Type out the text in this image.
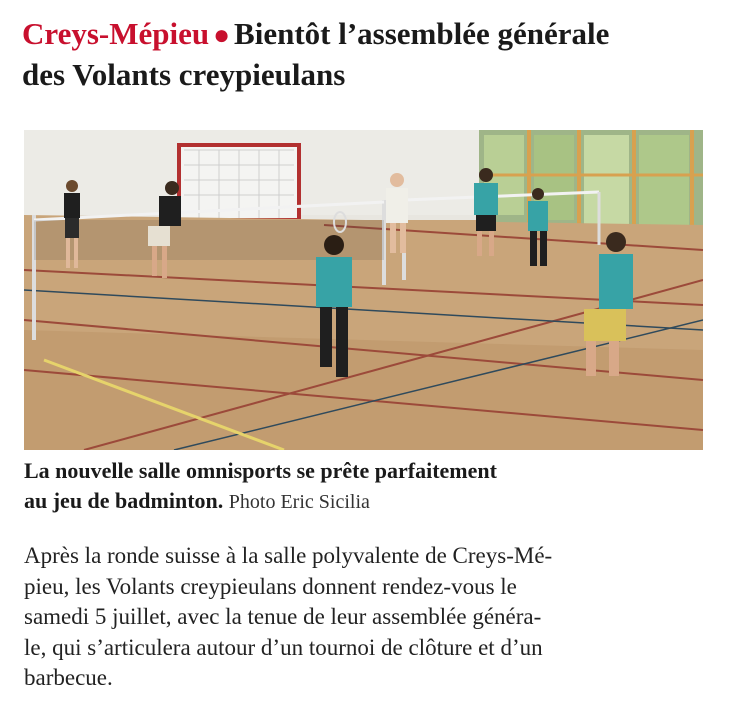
Creys-Mépieu ● Bientôt l’assemblée générale
des Volants creypieulans

La nouvelle salle omnisports se prête parfaitement
au jeu de badminton. Photo Eric Sicilia

Après la ronde suisse à la salle polyvalente de Creys-Mé-
pieu, les Volants creypieulans donnent rendez-vous le
samedi 5 juillet, avec la tenue de leur assemblée généra-
le, qui s’articulera autour d’un tournoi de clôture et d’un
barbecue.
